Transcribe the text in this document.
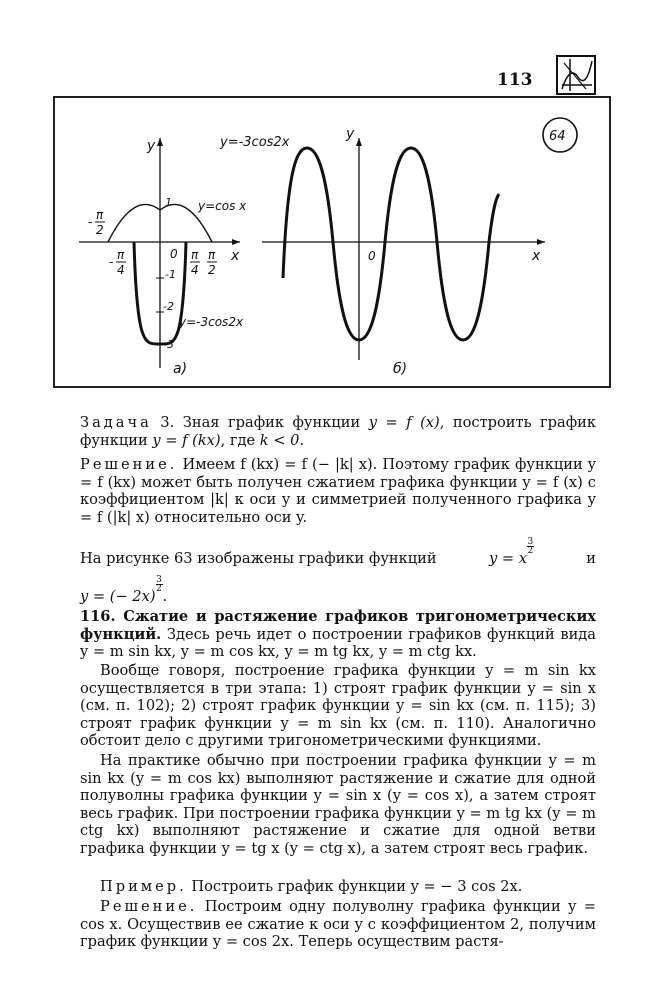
113
64
y
x
0
1
-1
-2
-3
y=cos x
y=-3cos2x
- π
2
- π
4
π
4
π
2
а)
y
x
0
y=-3cos2x
б)

Задача 3. Зная график функции y = f (x), построить график функции y = f (kx), где k < 0.

Решение. Имеем f (kx) = f (− |k| x). Поэтому график функции y = f (kx) может быть получен сжатием графика функции y = f (x) с коэффициентом |k| к оси y и симметрией полученного графика y = f (|k| x) относительно оси y.

На рисунке 63 изображены графики функций	y = x
$^{\frac{3}{2}}$
и

y = (− 2x)
$^{\frac{3}{2}}$
.

116. Сжатие и растяжение графиков тригонометрических функций. Здесь речь идет о построении графиков функций вида y = m sin kx, y = m cos kx, y = m tg kx, y = m ctg kx.

Вообще говоря, построение графика функции y = m sin kx осуществляется в три этапа: 1) строят график функции y = sin x (см. п. 102); 2) строят график функции y = sin kx (см. п. 115); 3) строят график функции y = m sin kx (см. п. 110). Аналогично обстоит дело с другими тригонометрическими функциями.

На практике обычно при построении графика функции y = m sin kx (y = m cos kx) выполняют растяжение и сжатие для одной полуволны графика функции y = sin x (y = cos x), а затем строят весь график. При построении графика функции y = m tg kx (y = m ctg kx) выполняют растяжение и сжатие для одной ветви графика функции y = tg x (y = ctg x), а затем строят весь график.

Пример. Построить график функции y = − 3 cos 2x.

Решение. Построим одну полуволну графика функции y = cos x. Осуществив ее сжатие к оси y с коэффициентом 2, получим график функции y = cos 2x. Теперь осуществим растя-
